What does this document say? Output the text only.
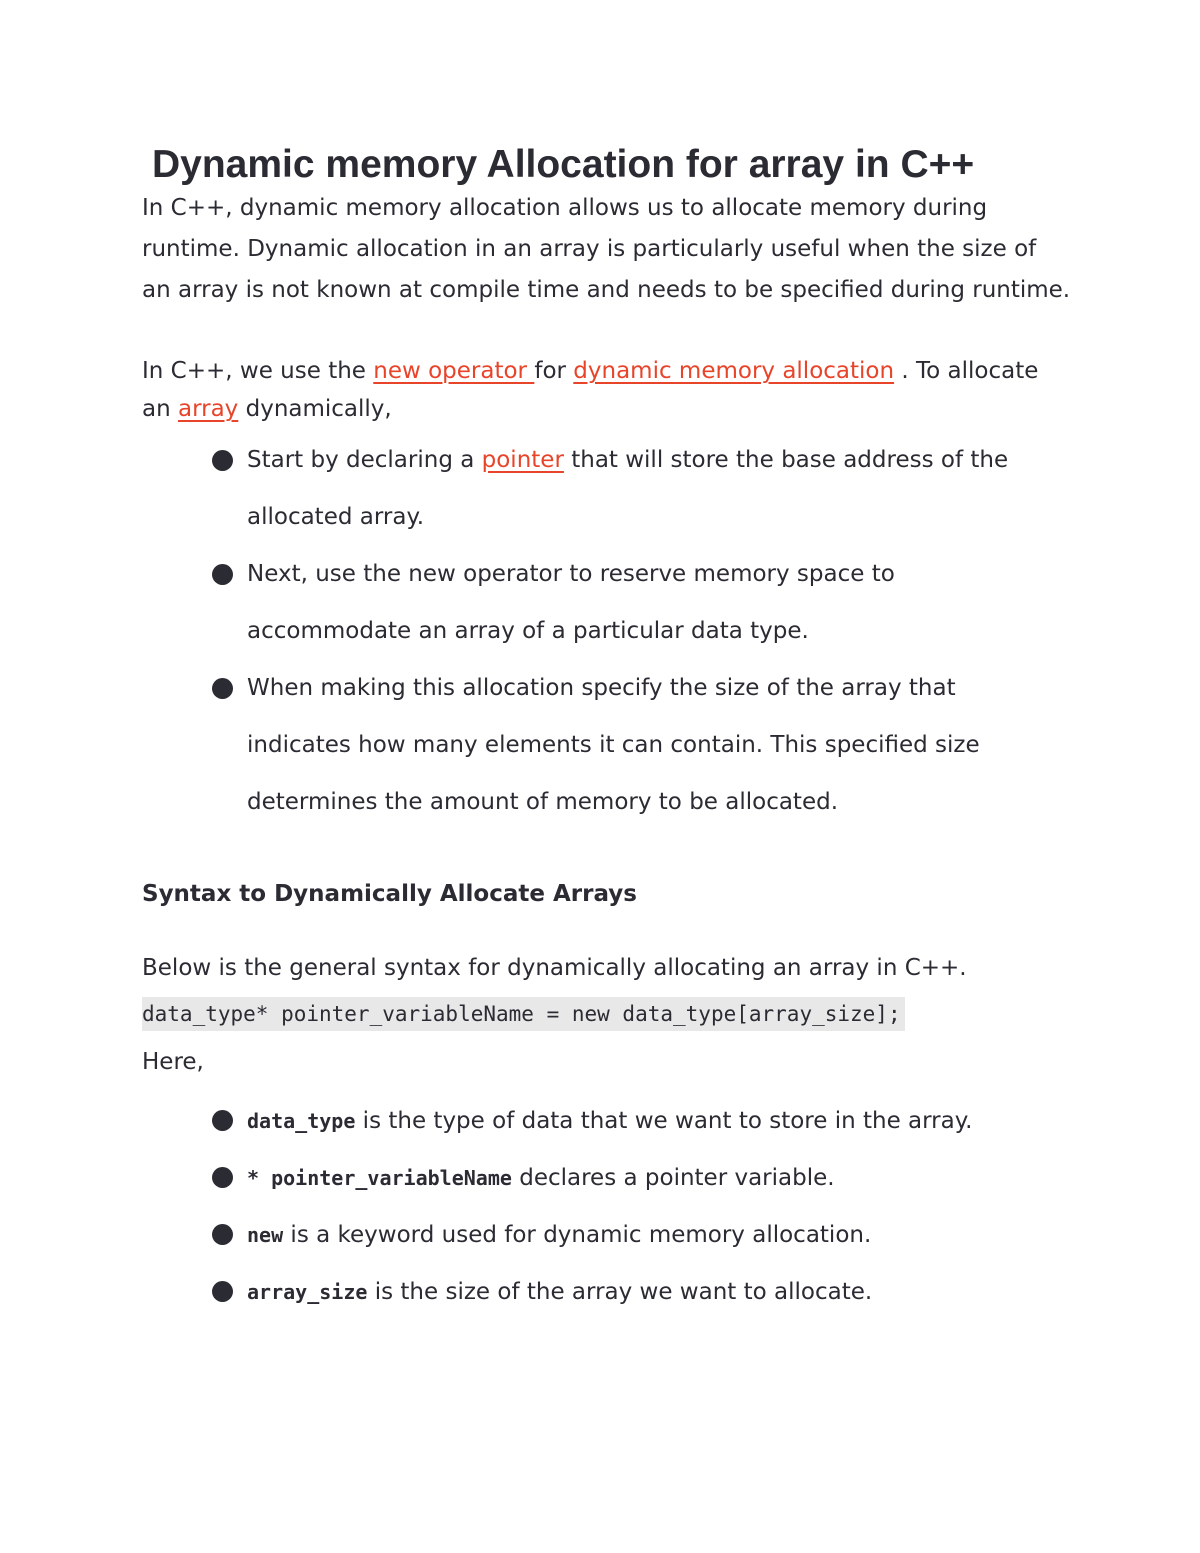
Dynamic memory Allocation for array in C++

In C++, dynamic memory allocation allows us to allocate memory during runtime. Dynamic allocation in an array is particularly useful when the size of an array is not known at compile time and needs to be specified during runtime.

In C++, we use the new operator for dynamic memory allocation . To allocate an array dynamically,

Start by declaring a pointer that will store the base address of the allocated array.
Next, use the new operator to reserve memory space to accommodate an array of a particular data type.
When making this allocation specify the size of the array that indicates how many elements it can contain. This specified size determines the amount of memory to be allocated.
Syntax to Dynamically Allocate Arrays

Below is the general syntax for dynamically allocating an array in C++.

data_type* pointer_variableName = new data_type[array_size];

Here,

data_type is the type of data that we want to store in the array.
* pointer_variableName declares a pointer variable.
new is a keyword used for dynamic memory allocation.
array_size is the size of the array we want to allocate.
